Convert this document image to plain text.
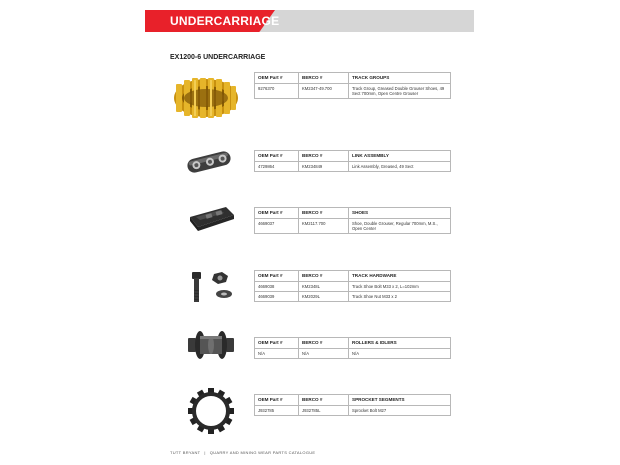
UNDERCARRIAGE
EX1200-6 UNDERCARRIAGE
OEM Part #	BERCO #	TRACK GROUPS
9276370	KM2347-49.700	Track Group, Greased Double Grouser Shoes, 49 Sect 700mm, Open Centre Grouser
OEM Part #	BERCO #	LINK ASSEMBLY
4729864	KM234849	Link Assembly, Greased, 49 Sect
OEM Part #	BERCO #	SHOES
4669037	KM2117.700	Shoe, Double Grouser, Regular 700mm, M.S., Open Center
OEM Part #	BERCO #	TRACK HARDWARE
4669038	KM2348L	Track Shoe Bolt M33 x 2, L=102mm
4669039	KM2029L	Track Shoe Nut M33 x 2
OEM Part #	BERCO #	ROLLERS & IDLERS
N/A	N/A	N/A
OEM Part #	BERCO #	SPROCKET SEGMENTS
J932785	J932785L	Sprocket Bolt M27
TUTT BRYANT | QUARRY AND MINING WEAR PARTS CATALOGUE
